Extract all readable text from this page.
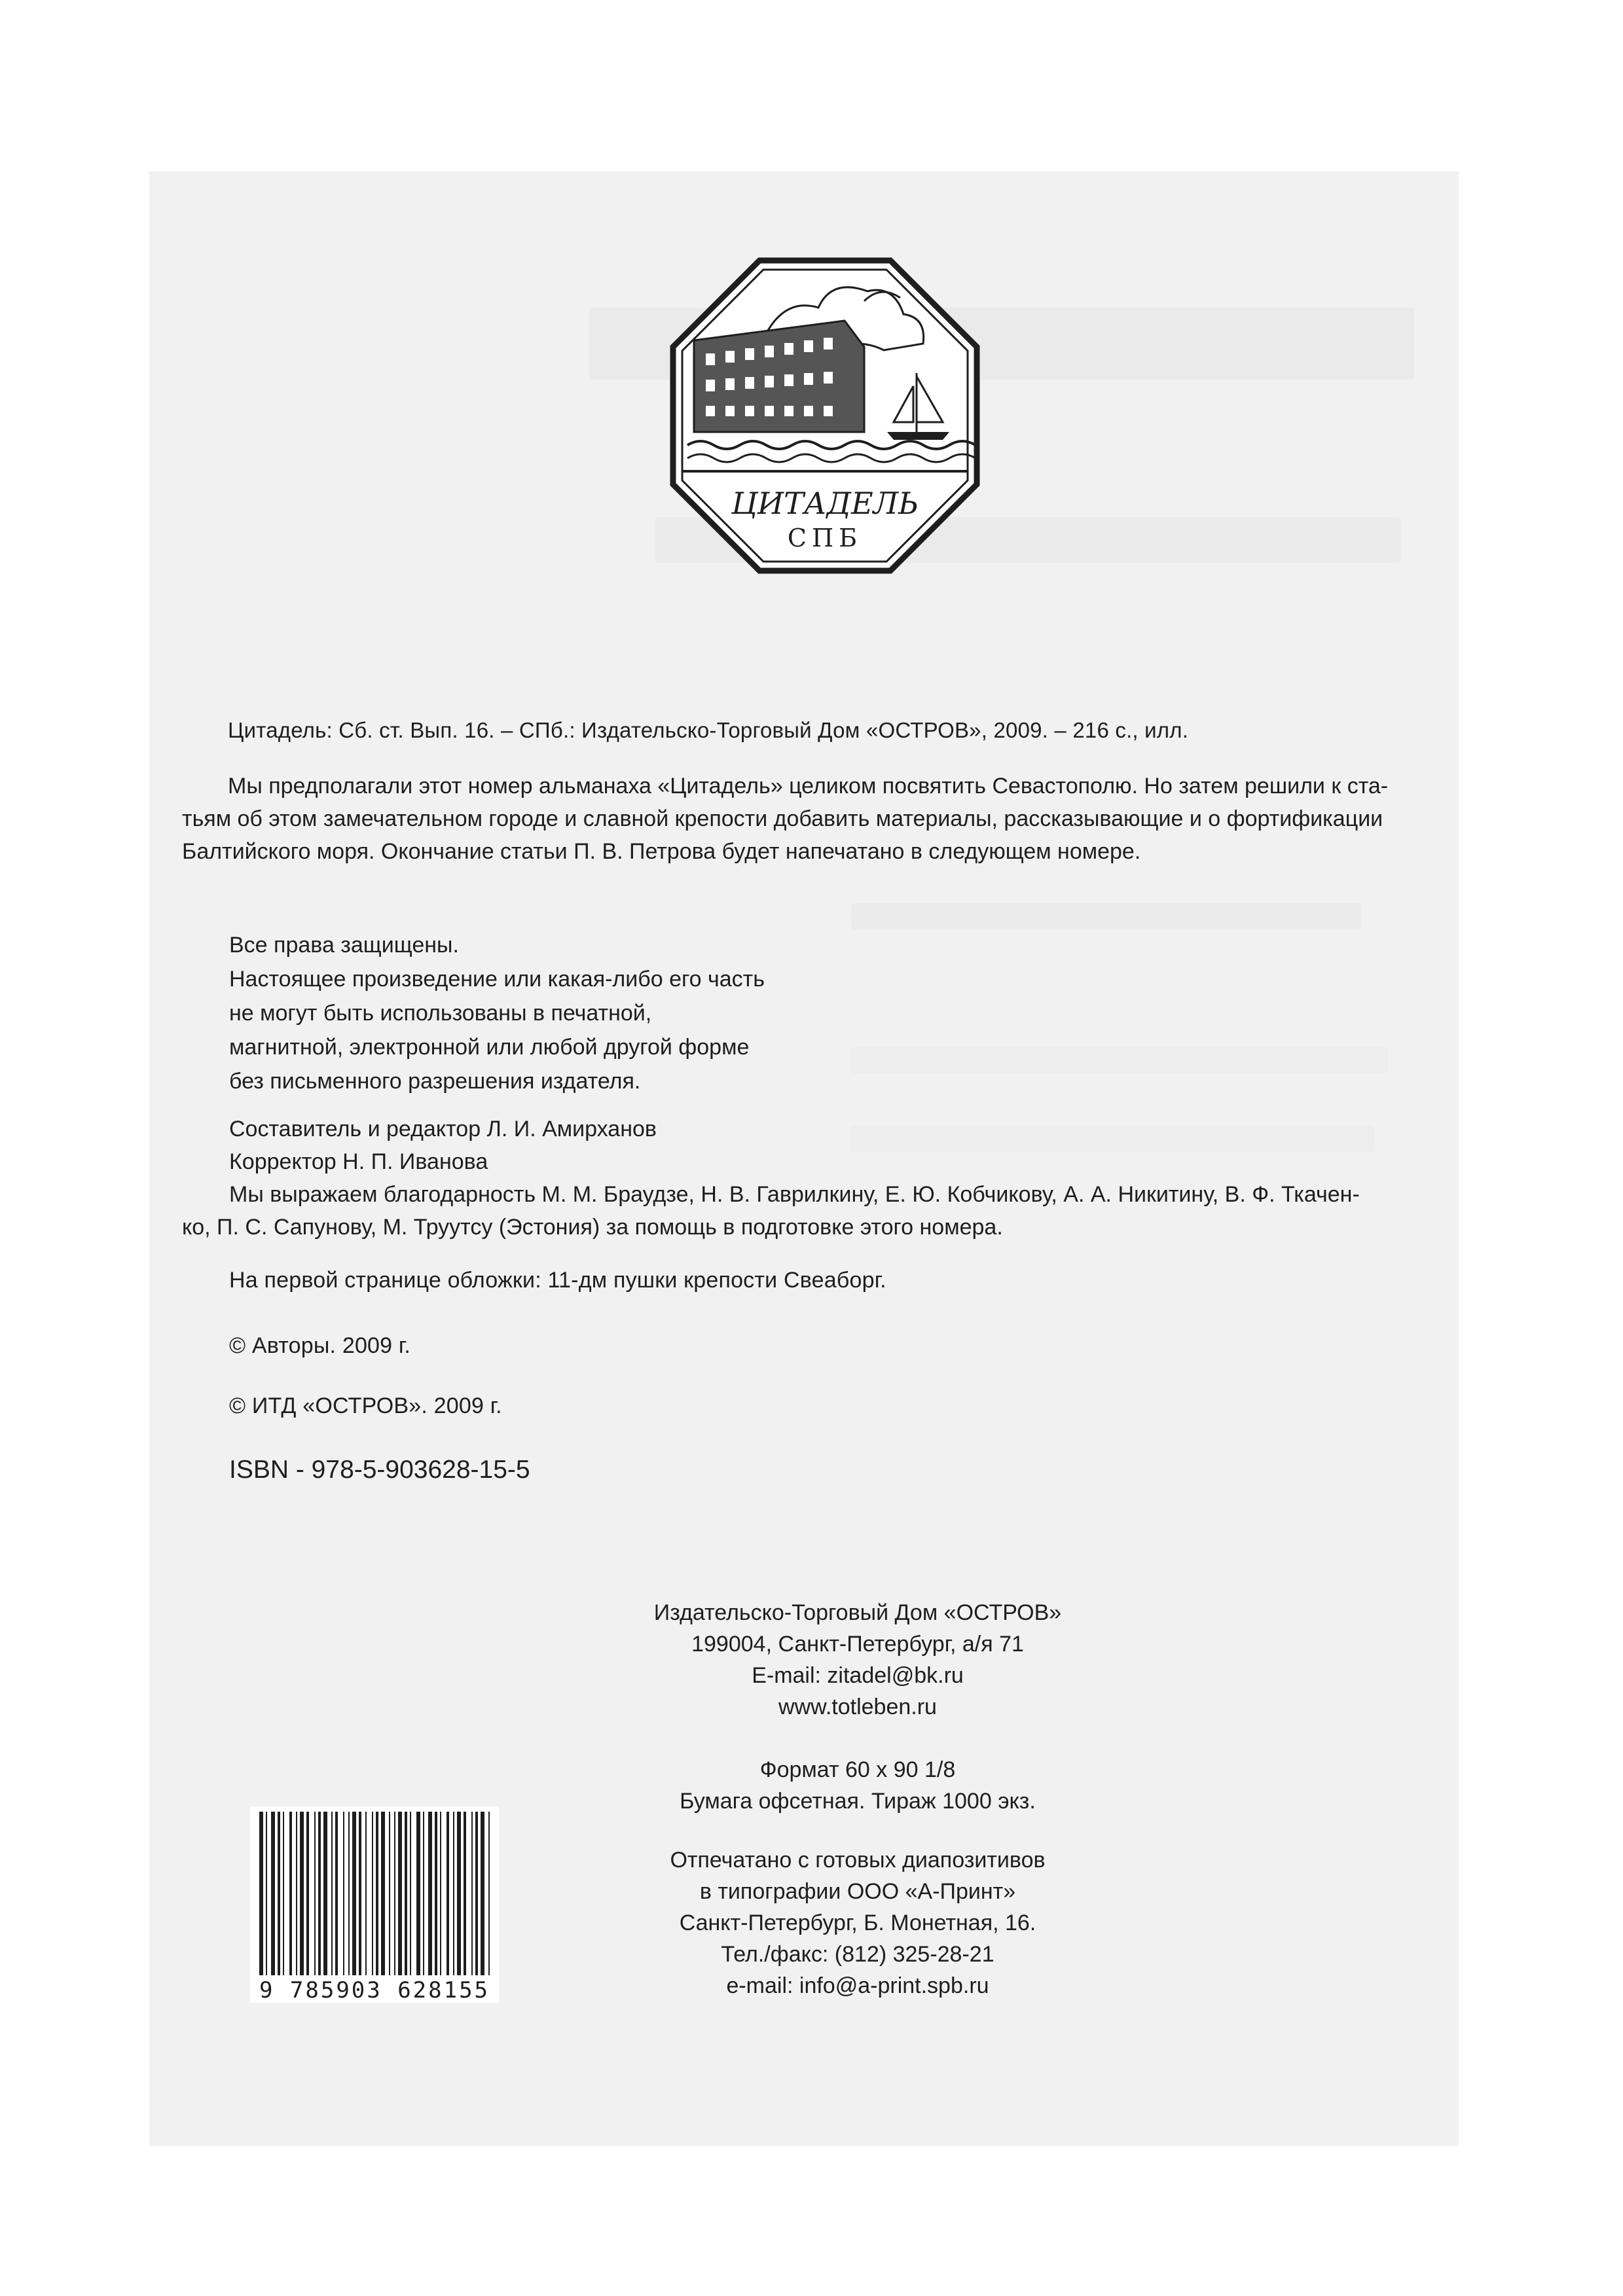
ЦИТАДЕЛЬ
СПБ
Цитадель: Сб. ст. Вып. 16. – СПб.: Издательско-Торговый Дом «ОСТРОВ», 2009. – 216 с., илл.
Мы предполагали этот номер альманаха «Цитадель» целиком посвятить Севастополю. Но затем решили к ста-
тьям об этом замечательном городе и славной крепости добавить материалы, рассказывающие и о фортификации
Балтийского моря. Окончание статьи П. В. Петрова будет напечатано в следующем номере.
Все права защищены.
Настоящее произведение или какая-либо его часть
не могут быть использованы в печатной,
магнитной, электронной или любой другой форме
без письменного разрешения издателя.
Составитель и редактор Л. И. Амирханов
Корректор Н. П. Иванова
Мы выражаем благодарность М. М. Браудзе, Н. В. Гаврилкину, Е. Ю. Кобчикову, А. А. Никитину, В. Ф. Ткачен-
ко, П. С. Сапунову, М. Труутсу (Эстония) за помощь в подготовке этого номера.
На первой странице обложки: 11-дм пушки крепости Свеаборг.
© Авторы. 2009 г.
© ИТД «ОСТРОВ». 2009 г.
ISBN - 978-5-903628-15-5
Издательско-Торговый Дом «ОСТРОВ»
199004, Санкт-Петербург, а/я 71
E-mail: zitadel@bk.ru
www.totleben.ru
Формат 60 х 90 1/8
Бумага офсетная. Тираж 1000 экз.
Отпечатано с готовых диапозитивов
в типографии ООО «А-Принт»
Санкт-Петербург, Б. Монетная, 16.
Тел./факс: (812) 325-28-21
e-mail: info@a-print.spb.ru
9 785903 628155
